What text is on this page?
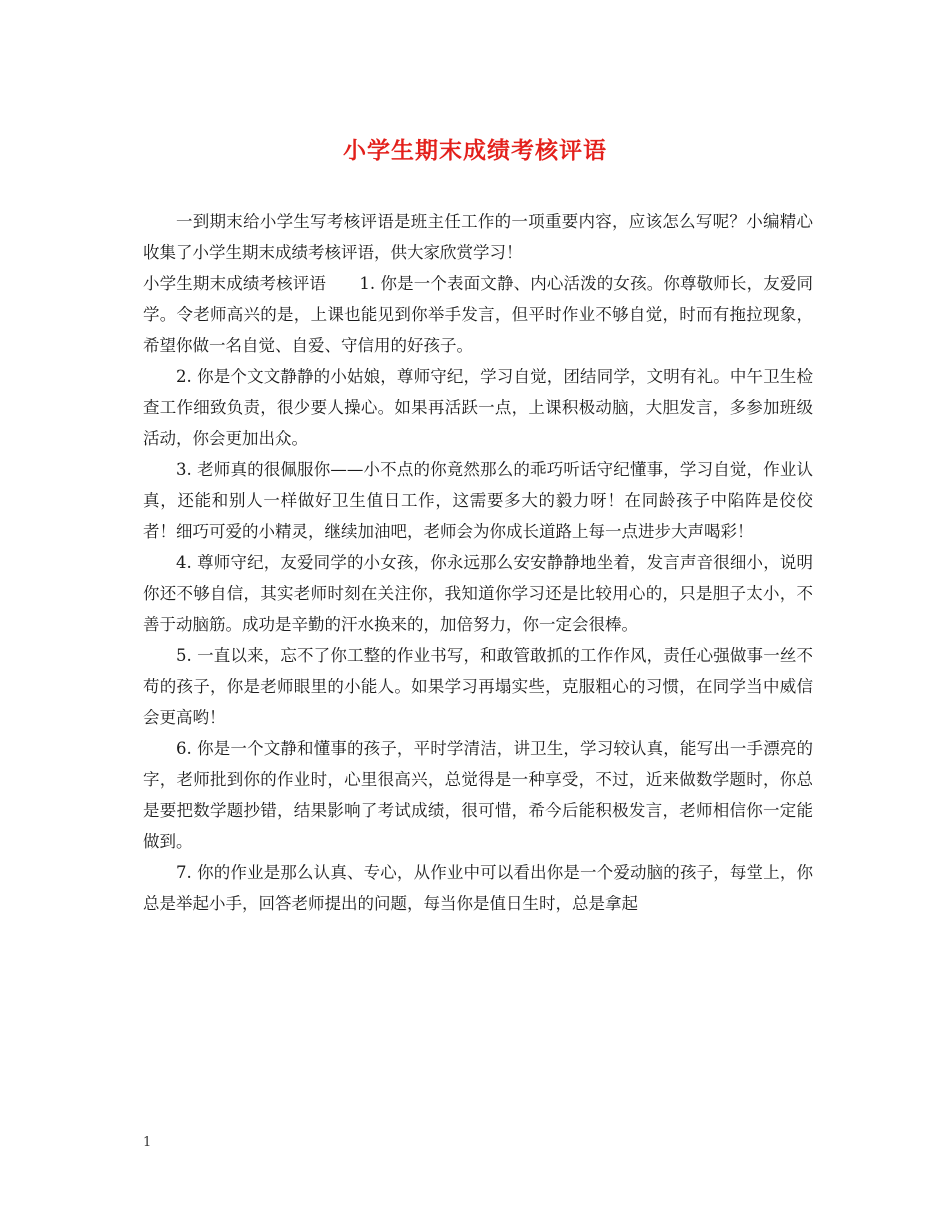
小学生期末成绩考核评语

一到期末给小学生写考核评语是班主任工作的一项重要内容，应该怎么写呢？小编精心收集了小学生期末成绩考核评语，供大家欣赏学习！

小学生期末成绩考核评语　　1. 你是一个表面文静、内心活泼的女孩。你尊敬师长，友爱同学。令老师高兴的是，上课也能见到你举手发言，但平时作业不够自觉，时而有拖拉现象，希望你做一名自觉、自爱、守信用的好孩子。

2. 你是个文文静静的小姑娘，尊师守纪，学习自觉，团结同学，文明有礼。中午卫生检查工作细致负责，很少要人操心。如果再活跃一点，上课积极动脑，大胆发言，多参加班级活动，你会更加出众。

3. 老师真的很佩服你——小不点的你竟然那么的乖巧听话守纪懂事，学习自觉，作业认真，还能和别人一样做好卫生值日工作，这需要多大的毅力呀！在同龄孩子中陷阵是佼佼者！细巧可爱的小精灵，继续加油吧，老师会为你成长道路上每一点进步大声喝彩！

4. 尊师守纪，友爱同学的小女孩，你永远那么安安静静地坐着，发言声音很细小，说明你还不够自信，其实老师时刻在关注你，我知道你学习还是比较用心的，只是胆子太小，不善于动脑筋。成功是辛勤的汗水换来的，加倍努力，你一定会很棒。

5. 一直以来，忘不了你工整的作业书写，和敢管敢抓的工作作风，责任心强做事一丝不苟的孩子，你是老师眼里的小能人。如果学习再塌实些，克服粗心的习惯，在同学当中威信会更高哟！

6. 你是一个文静和懂事的孩子，平时学清洁，讲卫生，学习较认真，能写出一手漂亮的字，老师批到你的作业时，心里很高兴，总觉得是一种享受，不过，近来做数学题时，你总是要把数学题抄错，结果影响了考试成绩，很可惜，希今后能积极发言，老师相信你一定能做到。

7. 你的作业是那么认真、专心，从作业中可以看出你是一个爱动脑的孩子，每堂上，你总是举起小手，回答老师提出的问题，每当你是值日生时，总是拿起

1
